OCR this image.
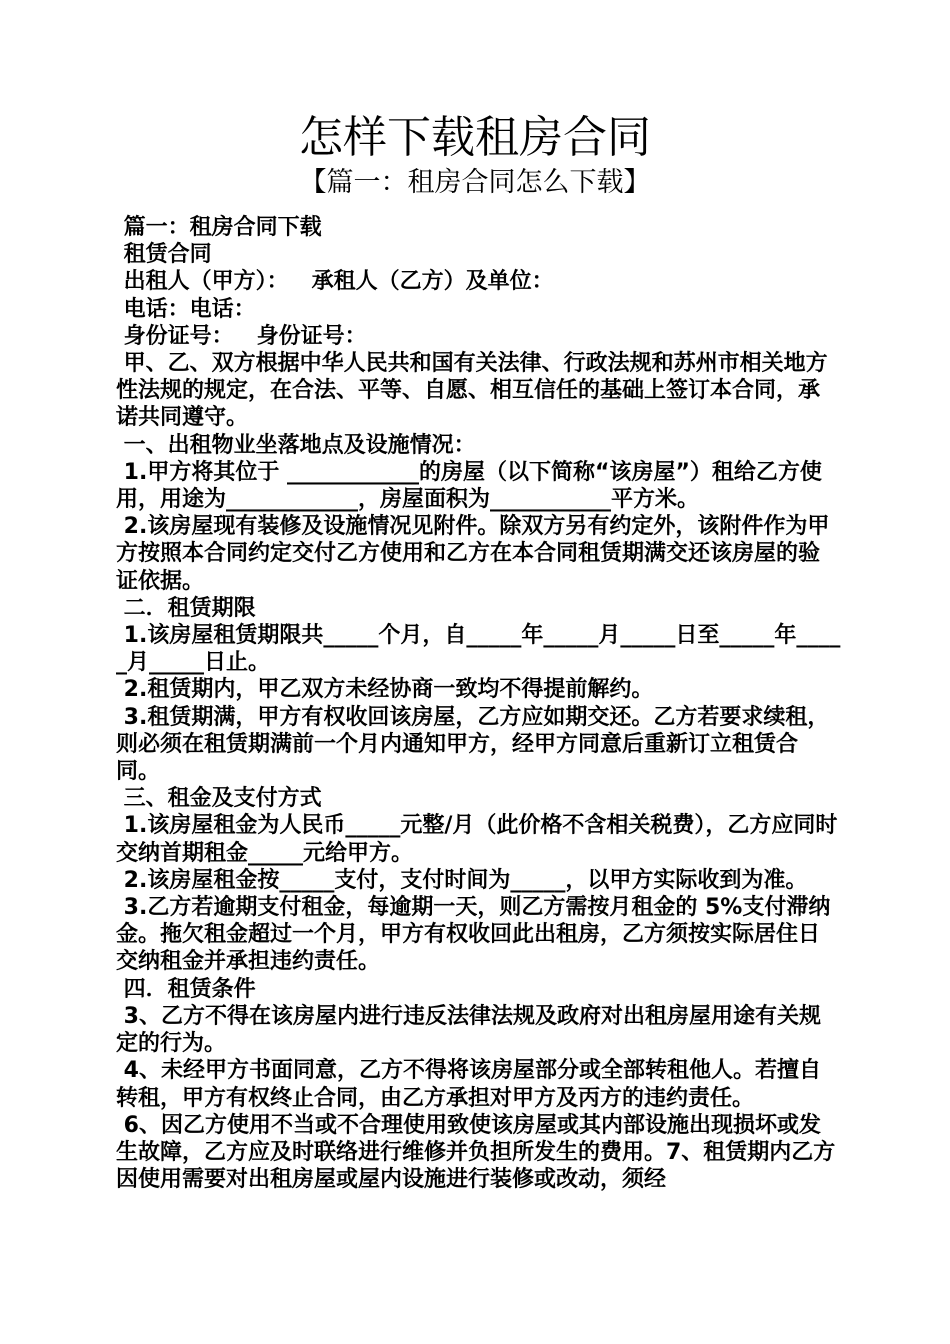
怎样下载租房合同
【篇一：租房合同怎么下载】

篇一：租房合同下载

租赁合同

出租人（甲方）：   承租人（乙方）及单位：

电话：电话：

身份证号：   身份证号：

甲、乙、双方根据中华人民共和国有关法律、行政法规和苏州市相关地方性法规的规定，在合法、平等、自愿、相互信任的基础上签订本合同，承诺共同遵守。

一、出租物业坐落地点及设施情况：

1.甲方将其位于 ____________的房屋（以下简称“该房屋”）租给乙方使用，用途为____________，房屋面积为___________平方米。

2.该房屋现有装修及设施情况见附件。除双方另有约定外，该附件作为甲方按照本合同约定交付乙方使用和乙方在本合同租赁期满交还该房屋的验证依据。

二．租赁期限

1.该房屋租赁期限共_____个月，自_____年_____月_____日至_____年_____月_____日止。

2.租赁期内，甲乙双方未经协商一致均不得提前解约。

3.租赁期满，甲方有权收回该房屋，乙方应如期交还。乙方若要求续租，则必须在租赁期满前一个月内通知甲方，经甲方同意后重新订立租赁合同。

三、租金及支付方式

1.该房屋租金为人民币_____元整/月（此价格不含相关税费），乙方应同时交纳首期租金_____元给甲方。

2.该房屋租金按_____支付，支付时间为_____，以甲方实际收到为准。

3.乙方若逾期支付租金，每逾期一天，则乙方需按月租金的 5%支付滞纳金。拖欠租金超过一个月，甲方有权收回此出租房，乙方须按实际居住日交纳租金并承担违约责任。

四．租赁条件

3、乙方不得在该房屋内进行违反法律法规及政府对出租房屋用途有关规定的行为。

4、未经甲方书面同意，乙方不得将该房屋部分或全部转租他人。若擅自转租，甲方有权终止合同，由乙方承担对甲方及丙方的违约责任。

6、因乙方使用不当或不合理使用致使该房屋或其内部设施出现损坏或发生故障，乙方应及时联络进行维修并负担所发生的费用。7、租赁期内乙方因使用需要对出租房屋或屋内设施进行装修或改动，须经
